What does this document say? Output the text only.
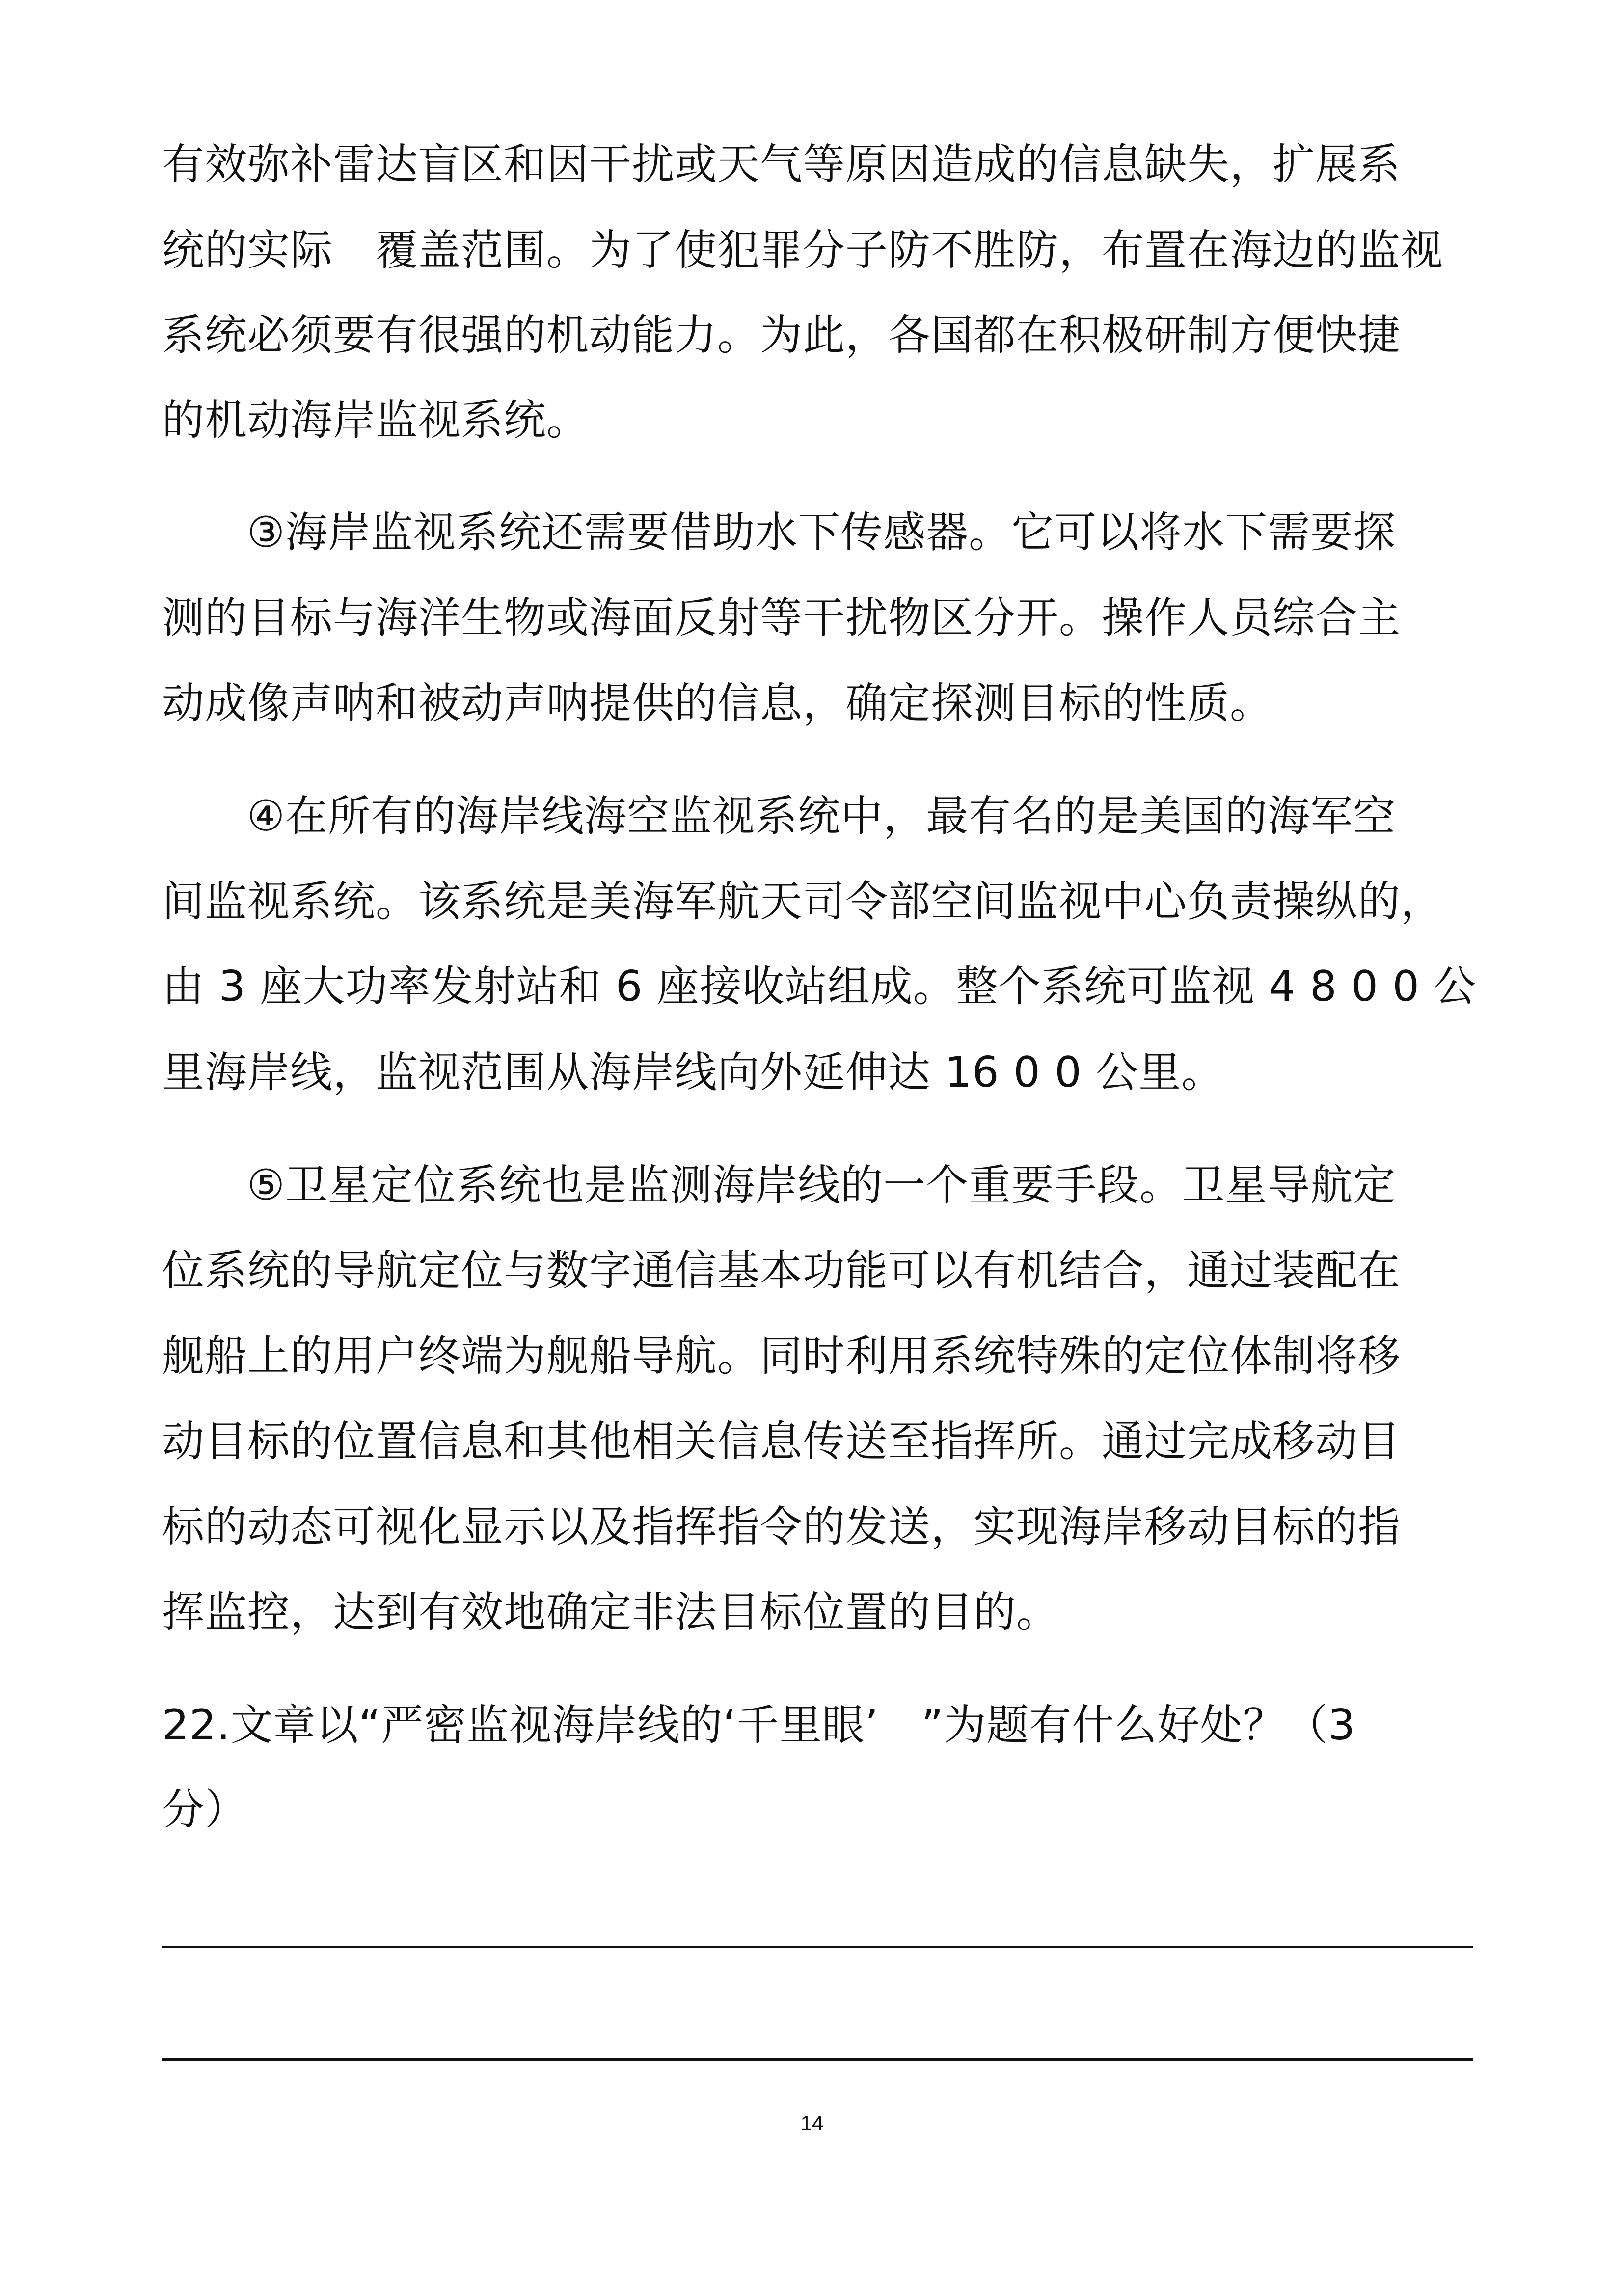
有效弥补雷达盲区和因干扰或天气等原因造成的信息缺失，扩展系
统的实际　覆盖范围。为了使犯罪分子防不胜防，布置在海边的监视
系统必须要有很强的机动能力。为此，各国都在积极研制方便快捷
的机动海岸监视系统。
③海岸监视系统还需要借助水下传感器。它可以将水下需要探
测的目标与海洋生物或海面反射等干扰物区分开。操作人员综合主
动成像声呐和被动声呐提供的信息，确定探测目标的性质。
④在所有的海岸线海空监视系统中，最有名的是美国的海军空
间监视系统。该系统是美海军航天司令部空间监视中心负责操纵的，
由 3 座大功率发射站和 6 座接收站组成。整个系统可监视 4 8 0 0 公
里海岸线，监视范围从海岸线向外延伸达 16 0 0 公里。
⑤卫星定位系统也是监测海岸线的一个重要手段。卫星导航定
位系统的导航定位与数字通信基本功能可以有机结合，通过装配在
舰船上的用户终端为舰船导航。同时利用系统特殊的定位体制将移
动目标的位置信息和其他相关信息传送至指挥所。通过完成移动目
标的动态可视化显示以及指挥指令的发送，实现海岸移动目标的指
挥监控，达到有效地确定非法目标位置的目的。
22.文章以“严密监视海岸线的‘千里眼’　”为题有什么好处？（3
分）
14
